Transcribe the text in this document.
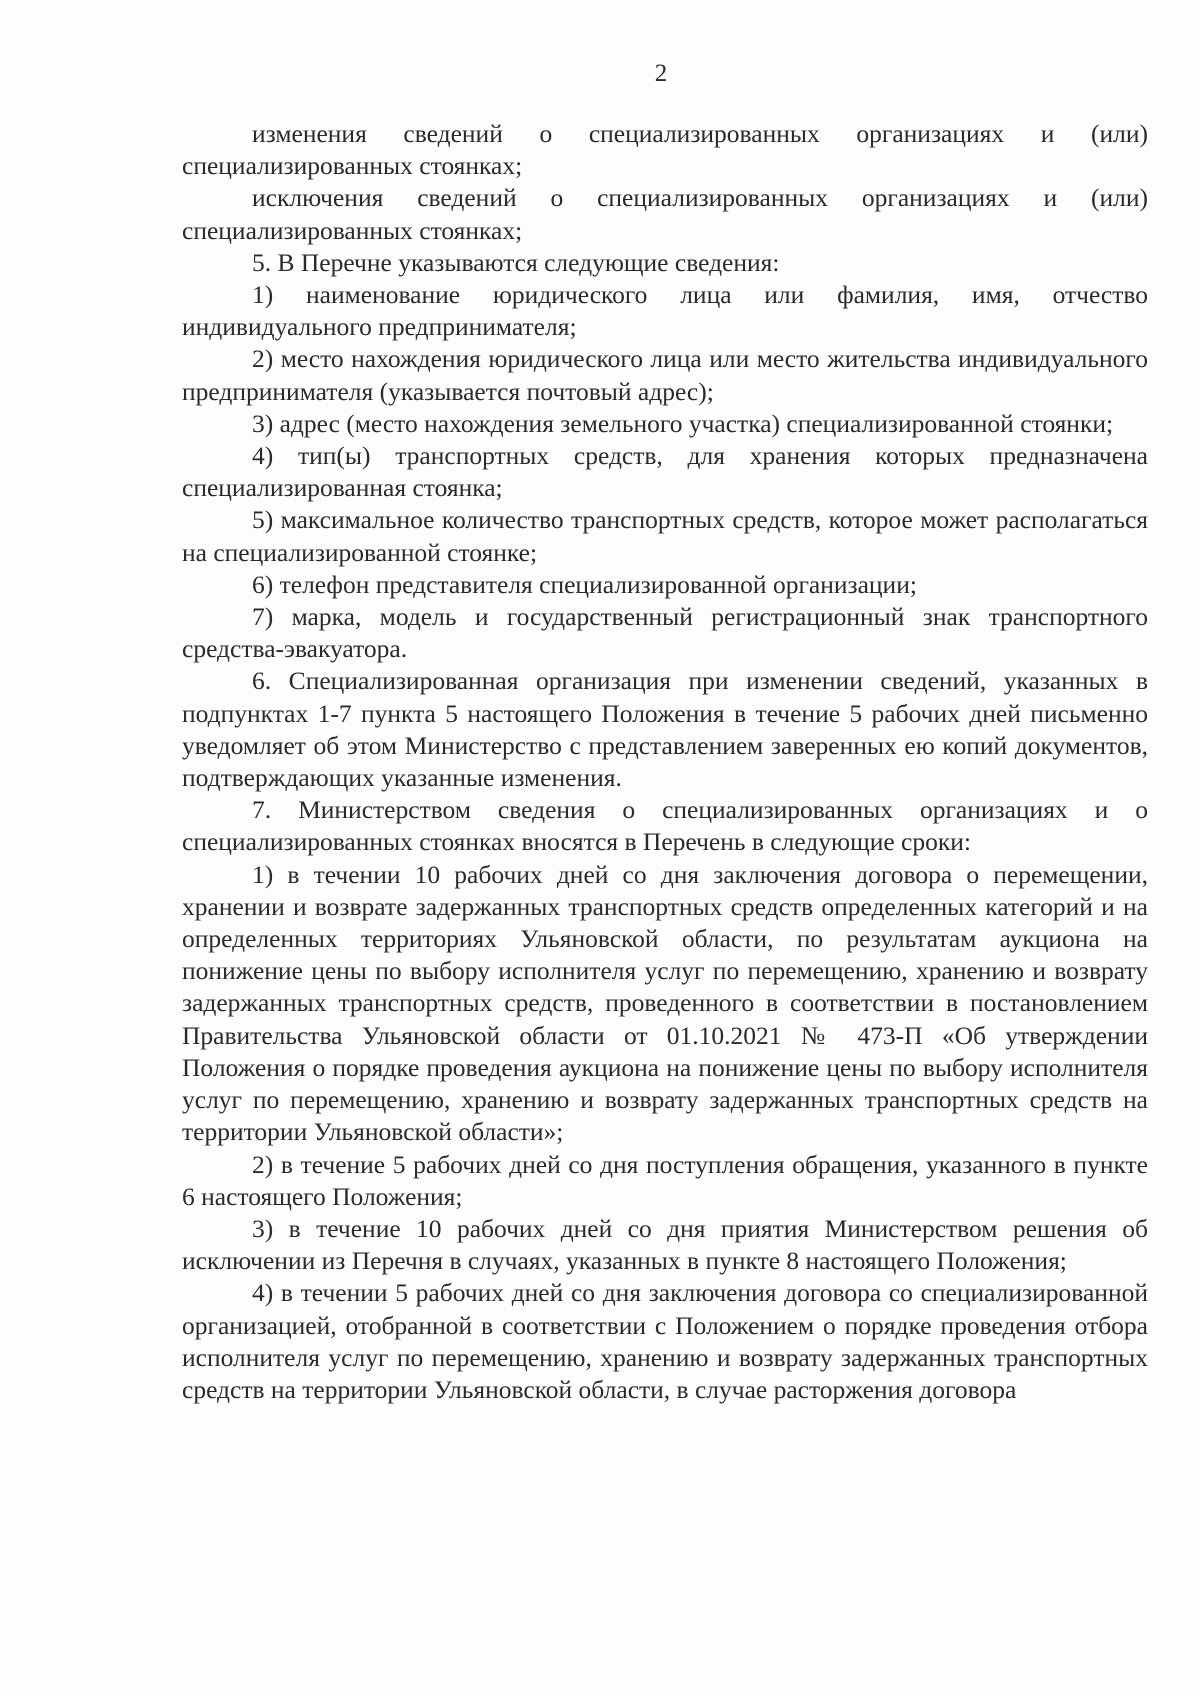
2

изменения сведений о специализированных организациях и (или) специализированных стоянках;

исключения сведений о специализированных организациях и (или) специализированных стоянках;

5. В Перечне указываются следующие сведения:

1) наименование юридического лица или фамилия, имя, отчество индивидуального предпринимателя;

2) место нахождения юридического лица или место жительства индивидуального предпринимателя (указывается почтовый адрес);

3) адрес (место нахождения земельного участка) специализированной стоянки;

4) тип(ы) транспортных средств, для хранения которых предназначена специализированная стоянка;

5) максимальное количество транспортных средств, которое может располагаться на специализированной стоянке;

6) телефон представителя специализированной организации;

7) марка, модель и государственный регистрационный знак транспортного средства-эвакуатора.

6. Специализированная организация при изменении сведений, указанных в подпунктах 1-7 пункта 5 настоящего Положения в течение 5 рабочих дней письменно уведомляет об этом Министерство с представлением заверенных ею копий документов, подтверждающих указанные изменения.

7. Министерством сведения о специализированных организациях и о специализированных стоянках вносятся в Перечень в следующие сроки:

1) в течении 10 рабочих дней со дня заключения договора о перемещении, хранении и возврате задержанных транспортных средств определенных категорий и на определенных территориях Ульяновской области, по результатам аукциона на понижение цены по выбору исполнителя услуг по перемещению, хранению и возврату задержанных транспортных средств, проведенного в соответствии в постановлением Правительства Ульяновской области от 01.10.2021 № 473-П «Об утверждении Положения о порядке проведения аукциона на понижение цены по выбору исполнителя услуг по перемещению, хранению и возврату задержанных транспортных средств на территории Ульяновской области»;

2) в течение 5 рабочих дней со дня поступления обращения, указанного в пункте 6 настоящего Положения;

3) в течение 10 рабочих дней со дня приятия Министерством решения об исключении из Перечня в случаях, указанных в пункте 8 настоящего Положения;

4) в течении 5 рабочих дней со дня заключения договора со специализированной организацией, отобранной в соответствии с Положением о порядке проведения отбора исполнителя услуг по перемещению, хранению и возврату задержанных транспортных средств на территории Ульяновской области, в случае расторжения договора
